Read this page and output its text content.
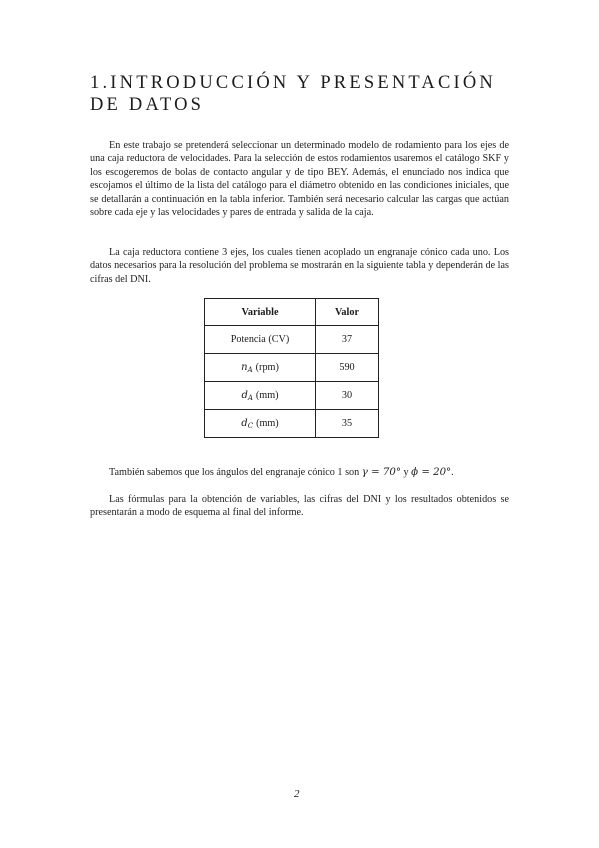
1.INTRODUCCIÓN Y PRESENTACIÓN DE DATOS

En este trabajo se pretenderá seleccionar un determinado modelo de rodamiento para los ejes de una caja reductora de velocidades. Para la selección de estos rodamientos usaremos el catálogo SKF y los escogeremos de bolas de contacto angular y de tipo BEY. Además, el enunciado nos indica que escojamos el último de la lista del catálogo para el diámetro obtenido en las condiciones iniciales, que se detallarán a continuación en la tabla inferior. También será necesario calcular las cargas que actúan sobre cada eje y las velocidades y pares de entrada y salida de la caja.

La caja reductora contiene 3 ejes, los cuales tienen acoplado un engranaje cónico cada uno. Los datos necesarios para la resolución del problema se mostrarán en la siguiente tabla y dependerán de las cifras del DNI.

Variable	Valor
Potencia (CV)	37
$n_A$ (rpm)	590
$d_A$ (mm)	30
$d_C$ (mm)	35

También sabemos que los ángulos del engranaje cónico 1 son γ = 70° y ϕ = 20°.

Las fórmulas para la obtención de variables, las cifras del DNI y los resultados obtenidos se presentarán a modo de esquema al final del informe.

2
